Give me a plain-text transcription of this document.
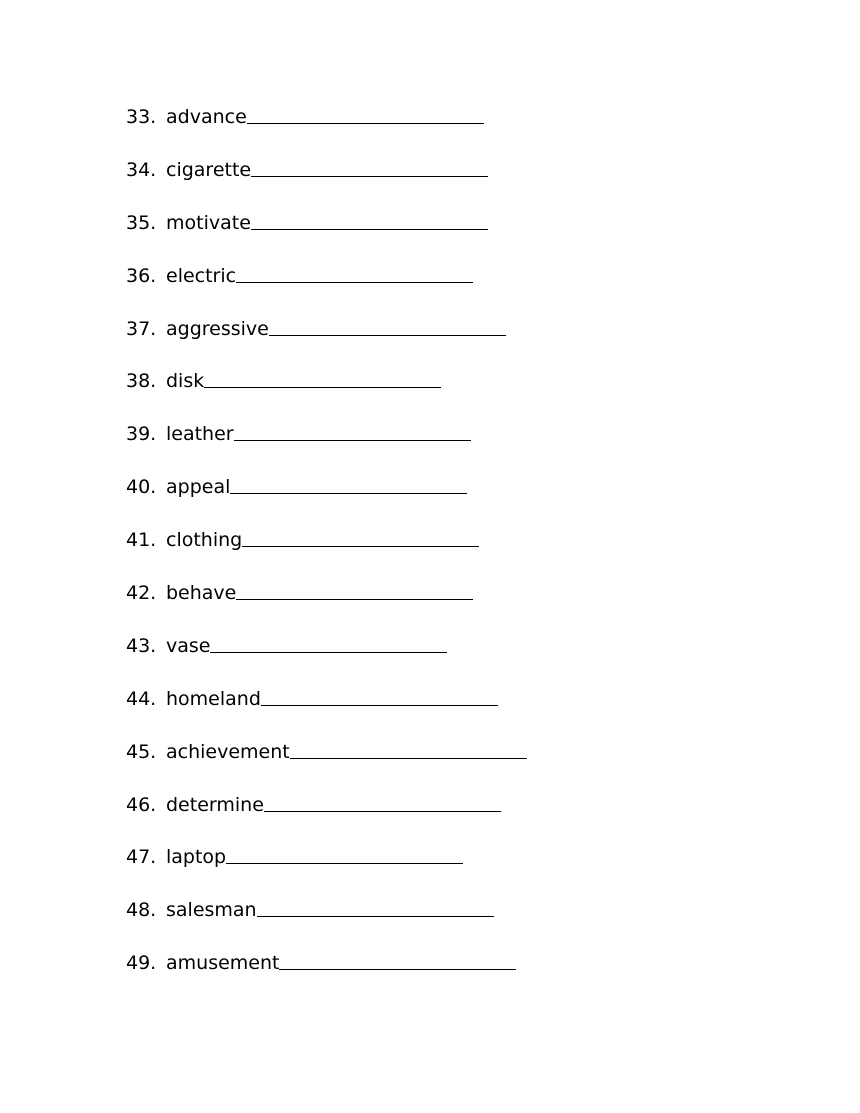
33. advance
34. cigarette
35. motivate
36. electric
37. aggressive
38. disk
39. leather
40. appeal
41. clothing
42. behave
43. vase
44. homeland
45. achievement
46. determine
47. laptop
48. salesman
49. amusement
